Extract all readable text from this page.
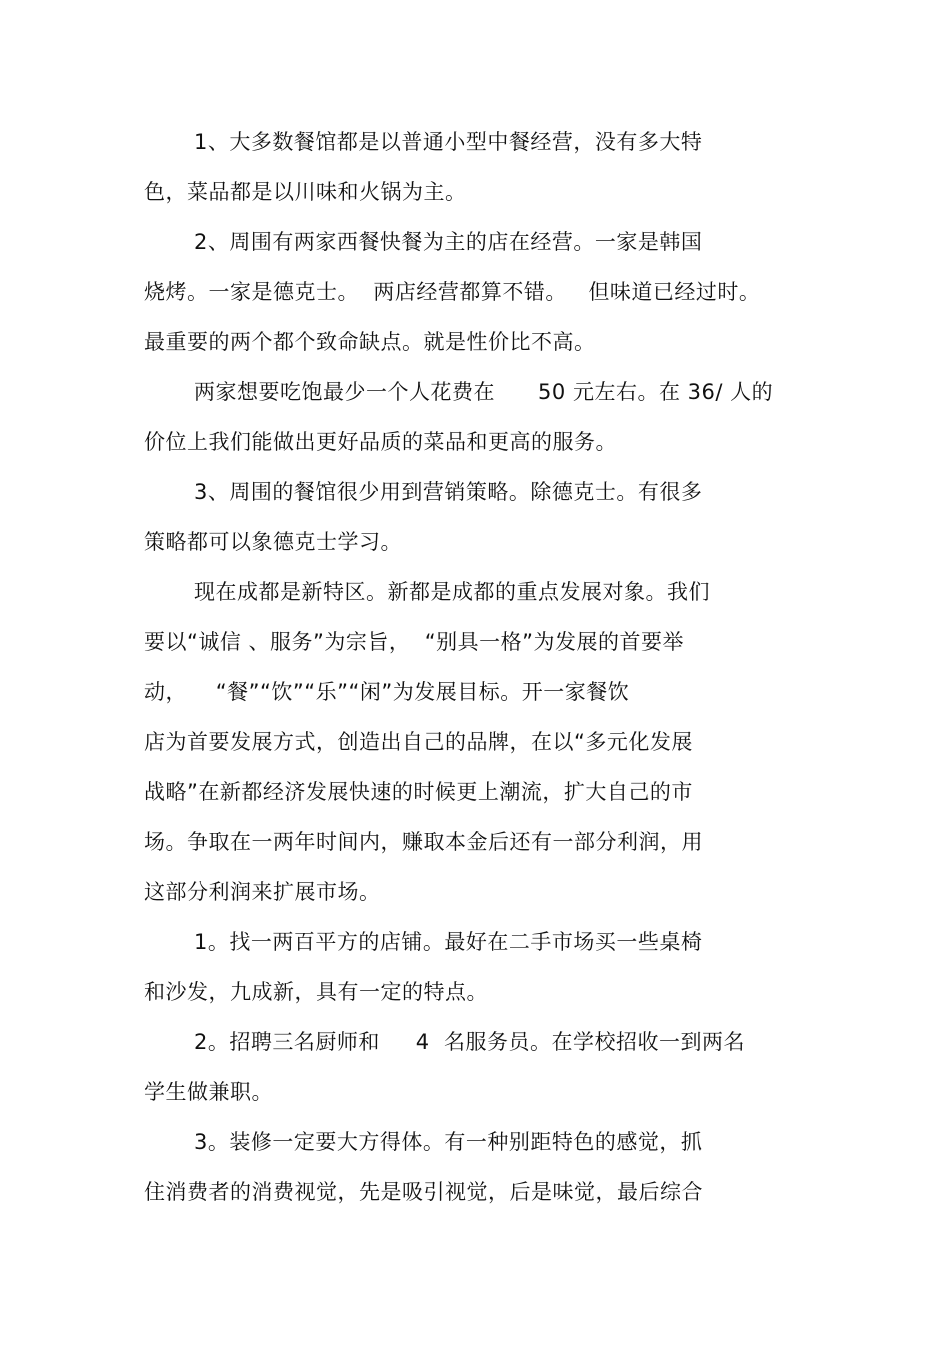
1、大多数餐馆都是以普通小型中餐经营，没有多大特
色，菜品都是以川味和火锅为主。
2、周围有两家西餐快餐为主的店在经营。一家是韩国
烧烤。一家是德克士。  两店经营都算不错。   但味道已经过时。
最重要的两个都个致命缺点。就是性价比不高。
两家想要吃饱最少一个人花费在      50 元左右。在 36/ 人的
价位上我们能做出更好品质的菜品和更高的服务。
3、周围的餐馆很少用到营销策略。除德克士。有很多
策略都可以象德克士学习。
现在成都是新特区。新都是成都的重点发展对象。我们
要以“诚信 、服务”为宗旨，  “别具一格”为发展的首要举
动，    “餐”“饮”“乐”“闲”为发展目标。开一家餐饮
店为首要发展方式，创造出自己的品牌，在以“多元化发展
战略”在新都经济发展快速的时候更上潮流，扩大自己的市
场。争取在一两年时间内，赚取本金后还有一部分利润，用
这部分利润来扩展市场。
1。找一两百平方的店铺。最好在二手市场买一些桌椅
和沙发，九成新，具有一定的特点。
2。招聘三名厨师和     4  名服务员。在学校招收一到两名
学生做兼职。
3。装修一定要大方得体。有一种别距特色的感觉，抓
住消费者的消费视觉，先是吸引视觉，后是味觉，最后综合
